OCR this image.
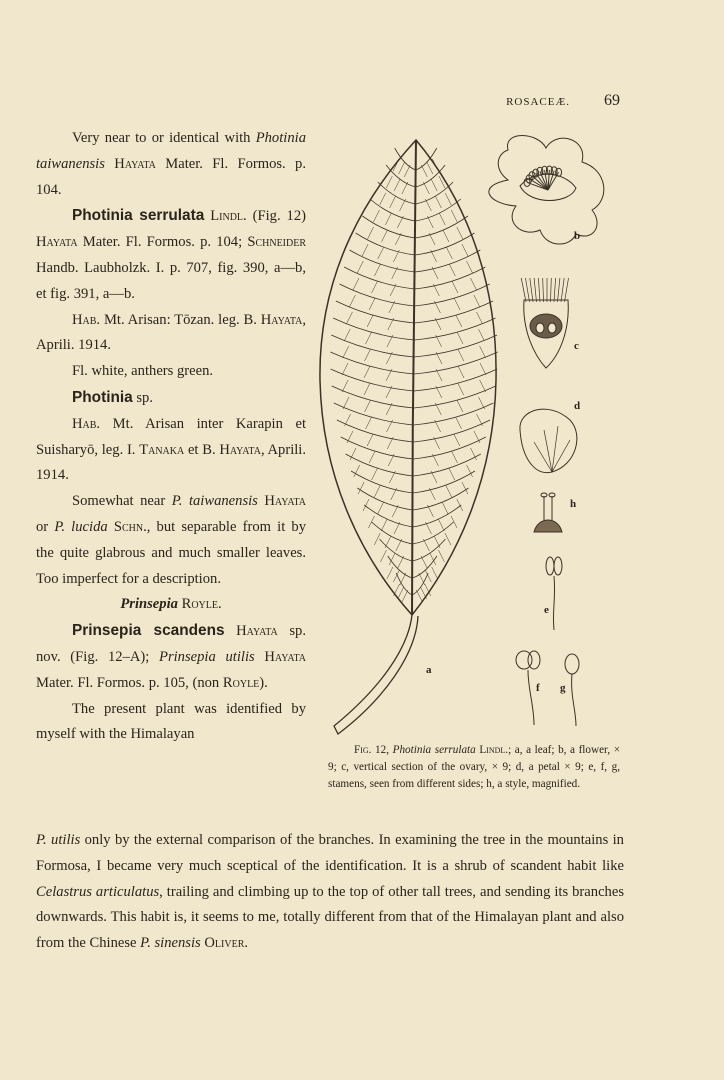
ROSACEÆ. 69

Very near to or identical with Photinia taiwanensis Hayata Mater. Fl. Formos. p. 104.

Photinia serrulata Lindl. (Fig. 12) Hayata Mater. Fl. Formos. p. 104; Schneider Handb. Laubholzk. I. p. 707, fig. 390, a—b, et fig. 391, a—b.

Hab. Mt. Arisan: Tōzan. leg. B. Hayata, Aprili. 1914.

Fl. white, anthers green.

Photinia sp.

Hab. Mt. Arisan inter Karapin et Suisharyō, leg. I. Tanaka et B. Hayata, Aprili. 1914.

Somewhat near P. taiwanensis Hayata or P. lucida Schn., but separable from it by the quite glabrous and much smaller leaves. Too imperfect for a description.

Prinsepia Royle.

Prinsepia scandens Hayata sp. nov. (Fig. 12–A); Prinsepia utilis Hayata Mater. Fl. Formos. p. 105, (non Royle).

The present plant was identified by myself with the Himalayan

a
b
c
d
h
e
f g

Fig. 12, Photinia serrulata Lindl.; a, a leaf; b, a flower, × 9; c, vertical section of the ovary, × 9; d, a petal × 9; e, f, g, stamens, seen from different sides; h, a style, magnified.

P. utilis only by the external comparison of the branches. In examining the tree in the mountains in Formosa, I became very much sceptical of the identification. It is a shrub of scandent habit like Celastrus articulatus, trailing and climbing up to the top of other tall trees, and sending its branches downwards. This habit is, it seems to me, totally different from that of the Himalayan plant and also from the Chinese P. sinensis Oliver.
